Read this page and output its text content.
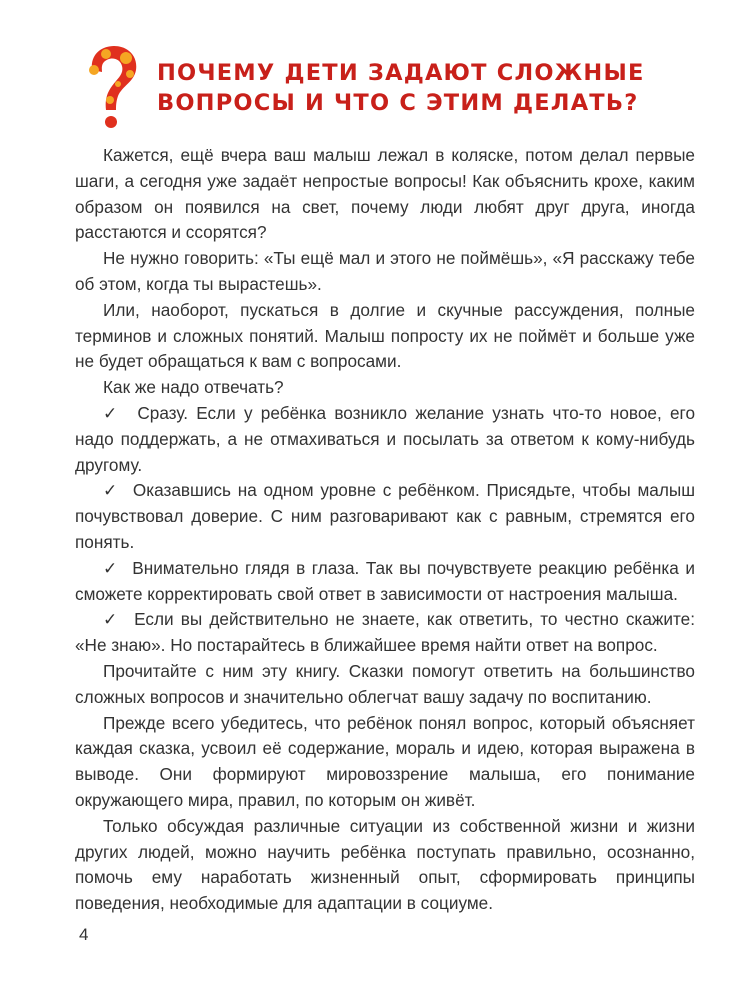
ПОЧЕМУ ДЕТИ ЗАДАЮТ СЛОЖНЫЕ
ВОПРОСЫ И ЧТО С ЭТИМ ДЕЛАТЬ?

Кажется, ещё вчера ваш малыш лежал в коляске, потом делал первые шаги, а сегодня уже задаёт непростые вопросы! Как объяснить крохе, каким образом он появился на свет, почему люди любят друг друга, иногда расстаются и ссорятся?

Не нужно говорить: «Ты ещё мал и этого не поймёшь», «Я расскажу тебе об этом, когда ты вырастешь».

Или, наоборот, пускаться в долгие и скучные рассуждения, полные терминов и сложных понятий. Малыш попросту их не поймёт и больше уже не будет обращаться к вам с вопросами.

Как же надо отвечать?

✓  Сразу. Если у ребёнка возникло желание узнать что-то новое, его надо поддержать, а не отмахиваться и посылать за ответом к кому-нибудь другому.

✓  Оказавшись на одном уровне с ребёнком. Присядьте, чтобы малыш почувствовал доверие. С ним разговаривают как с равным, стремятся его понять.

✓  Внимательно глядя в глаза. Так вы почувствуете реакцию ребёнка и сможете корректировать свой ответ в зависимости от настроения малыша.

✓  Если вы действительно не знаете, как ответить, то честно скажите: «Не знаю». Но постарайтесь в ближайшее время найти ответ на вопрос.

Прочитайте с ним эту книгу. Сказки помогут ответить на большинство сложных вопросов и значительно облегчат вашу задачу по воспитанию.

Прежде всего убедитесь, что ребёнок понял вопрос, который объясняет каждая сказка, усвоил её содержание, мораль и идею, которая выражена в выводе. Они формируют мировоззрение малыша, его понимание окружающего мира, правил, по которым он живёт.

Только обсуждая различные ситуации из собственной жизни и жизни других людей, можно научить ребёнка поступать правильно, осознанно, помочь ему наработать жизненный опыт, сформировать принципы поведения, необходимые для адаптации в социуме.

4
